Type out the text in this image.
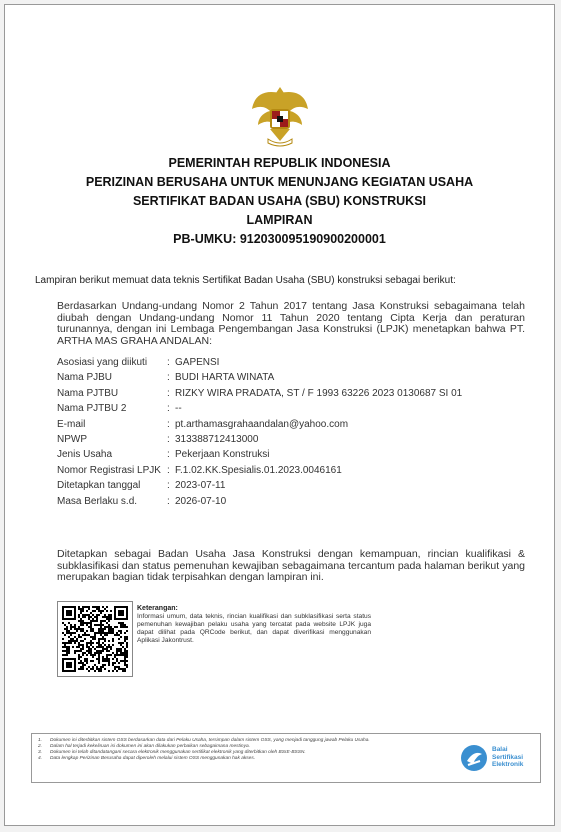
PEMERINTAH REPUBLIK INDONESIA
PERIZINAN BERUSAHA UNTUK MENUNJANG KEGIATAN USAHA
SERTIFIKAT BADAN USAHA (SBU) KONSTRUKSI
LAMPIRAN
PB-UMKU: 912030095190900200001
Lampiran berikut memuat data teknis Sertifikat Badan Usaha (SBU) konstruksi sebagai berikut:
Berdasarkan Undang-undang Nomor 2 Tahun 2017 tentang Jasa Konstruksi sebagaimana telah diubah dengan Undang-undang Nomor 11 Tahun 2020 tentang Cipta Kerja dan peraturan turunannya, dengan ini Lembaga Pengembangan Jasa Konstruksi (LPJK) menetapkan bahwa PT. ARTHA MAS GRAHA ANDALAN:
Asosiasi yang diikuti	: GAPENSI
Nama PJBU	: BUDI HARTA WINATA
Nama PJTBU	: RIZKY WIRA PRADATA, ST / F 1993 63226 2023 0130687 SI 01
Nama PJTBU 2	: --
E-mail	: pt.arthamasgrahaandalan@yahoo.com
NPWP	: 313388712413000
Jenis Usaha	: Pekerjaan Konstruksi
Nomor Registrasi LPJK : F.1.02.KK.Spesialis.01.2023.0046161
Ditetapkan tanggal	: 2023-07-11
Masa Berlaku s.d.	: 2026-07-10
Ditetapkan sebagai Badan Usaha Jasa Konstruksi dengan kemampuan, rincian kualifikasi & subklasifikasi dan status pemenuhan kewajiban sebagaimana tercantum pada halaman berikut yang merupakan bagian tidak terpisahkan dengan lampiran ini.
Keterangan:
Informasi umum, data teknis, rincian kualifikasi dan subklasifikasi serta status pemenuhan kewajiban pelaku usaha yang tercatat pada website LPJK juga dapat dilihat pada QRCode berikut, dan dapat diverifikasi menggunakan Aplikasi Jakontrust.
1.	Dokumen ini diterbitkan sistem OSS berdasarkan data dari Pelaku Usaha, tersimpan dalam sistem OSS, yang menjadi tanggung jawab Pelaku Usaha.
2.	Dalam hal terjadi kekeliruan isi dokumen ini akan dilakukan perbaikan sebagaimana mestinya.
3.	Dokumen ini telah ditandatangani secara elektronik menggunakan sertifikat elektronik yang diterbitkan oleh BSrE-BSSN.
4.	Data lengkap Perizinan Berusaha dapat diperoleh melalui sistem OSS menggunakan hak akses.
Balai
Sertifikasi
Elektronik
